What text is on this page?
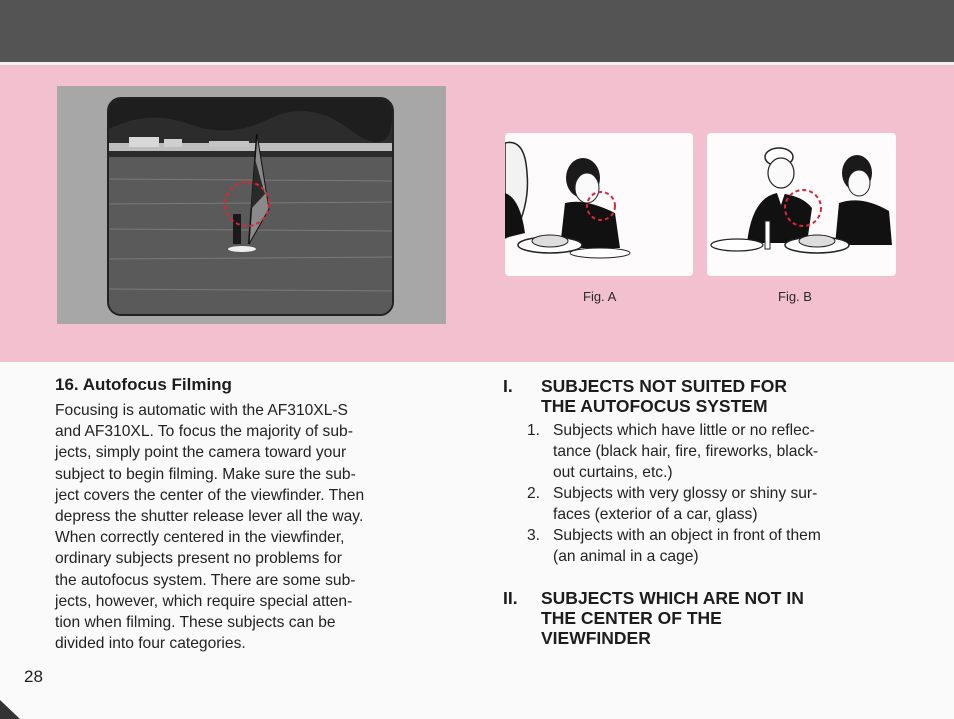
Fig. A	Fig. B
16. Autofocus Filming
Focusing is automatic with the AF310XL-S
and AF310XL. To focus the majority of sub-
jects, simply point the camera toward your
subject to begin filming. Make sure the sub-
ject covers the center of the viewfinder. Then
depress the shutter release lever all the way.
When correctly centered in the viewfinder,
ordinary subjects present no problems for
the autofocus system. There are some sub-
jects, however, which require special atten-
tion when filming. These subjects can be
divided into four categories.
I. SUBJECTS NOT SUITED FOR
THE AUTOFOCUS SYSTEM
1. Subjects which have little or no reflec-
tance (black hair, fire, fireworks, black-
out curtains, etc.)
2. Subjects with very glossy or shiny sur-
faces (exterior of a car, glass)
3. Subjects with an object in front of them
(an animal in a cage)
II. SUBJECTS WHICH ARE NOT IN
THE CENTER OF THE
VIEWFINDER
28
